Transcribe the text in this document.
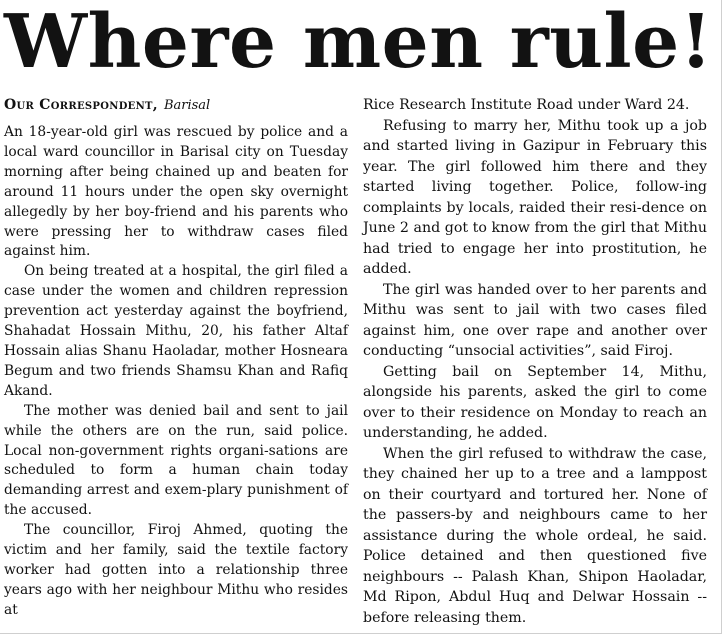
Where men rule!
Our Correspondent, Barisal

An 18-year-old girl was rescued by police and a local ward councillor in Barisal city on Tuesday morning after being chained up and beaten for around 11 hours under the open sky overnight allegedly by her boy-friend and his parents who were pressing her to withdraw cases filed against him.

On being treated at a hospital, the girl filed a case under the women and children repression prevention act yesterday against the boyfriend, Shahadat Hossain Mithu, 20, his father Altaf Hossain alias Shanu Haoladar, mother Hosneara Begum and two friends Shamsu Khan and Rafiq Akand.

The mother was denied bail and sent to jail while the others are on the run, said police. Local non-government rights organi-sations are scheduled to form a human chain today demanding arrest and exem-plary punishment of the accused.

The councillor, Firoj Ahmed, quoting the victim and her family, said the textile factory worker had gotten into a relationship three years ago with her neighbour Mithu who resides at

Rice Research Institute Road under Ward 24.

Refusing to marry her, Mithu took up a job and started living in Gazipur in February this year. The girl followed him there and they started living together. Police, follow-ing complaints by locals, raided their resi-dence on June 2 and got to know from the girl that Mithu had tried to engage her into prostitution, he added.

The girl was handed over to her parents and Mithu was sent to jail with two cases filed against him, one over rape and another over conducting “unsocial activities”, said Firoj.

Getting bail on September 14, Mithu, alongside his parents, asked the girl to come over to their residence on Monday to reach an understanding, he added.

When the girl refused to withdraw the case, they chained her up to a tree and a lamppost on their courtyard and tortured her. None of the passers-by and neighbours came to her assistance during the whole ordeal, he said. Police detained and then questioned five neighbours -- Palash Khan, Shipon Haoladar, Md Ripon, Abdul Huq and Delwar Hossain -- before releasing them.
